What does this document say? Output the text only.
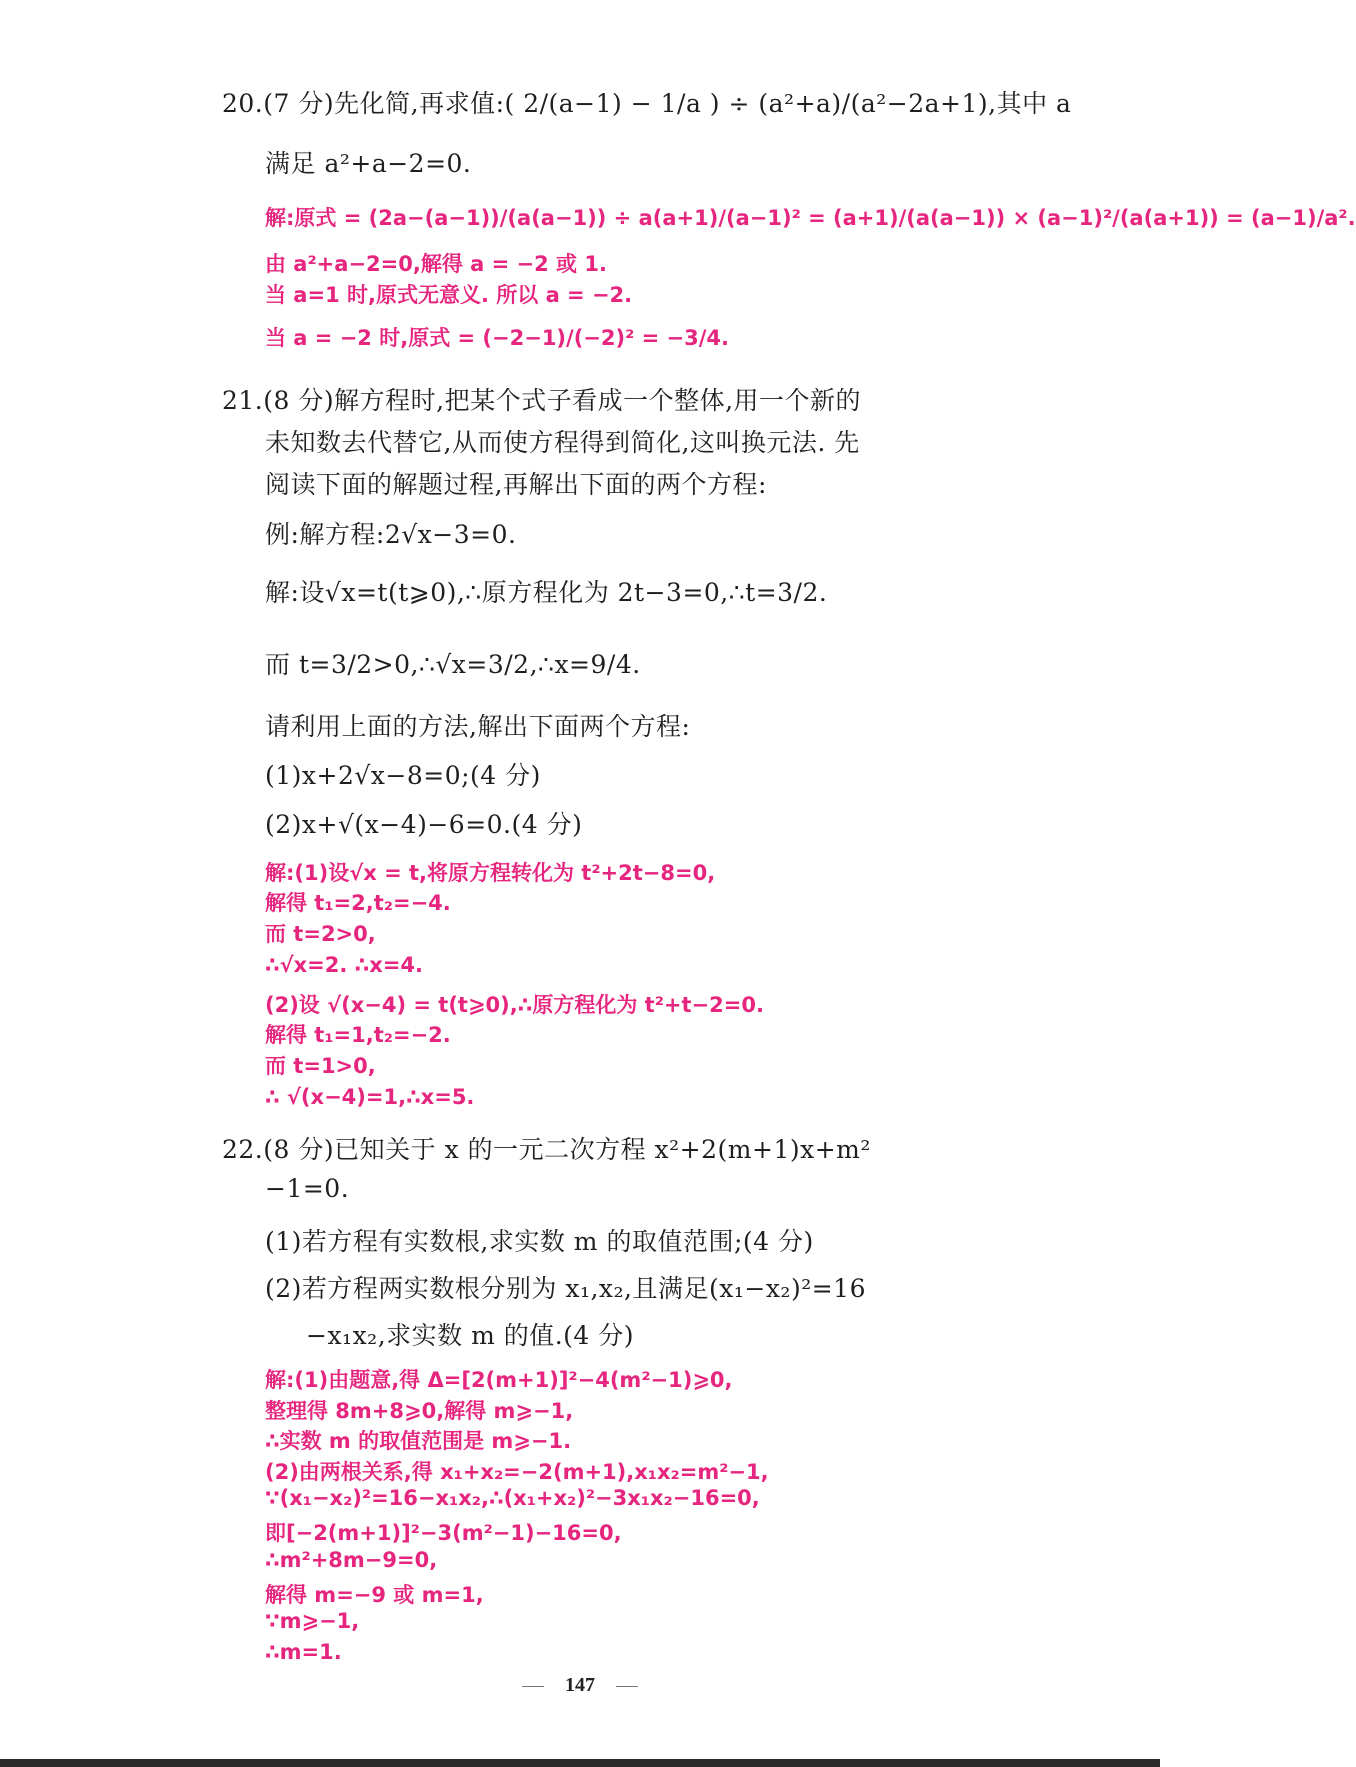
20.(7 分)先化简,再求值:( 2/(a−1) − 1/a ) ÷ (a²+a)/(a²−2a+1),其中 a
满足 a²+a−2=0.
解:原式 = (2a−(a−1))/(a(a−1)) ÷ a(a+1)/(a−1)² = (a+1)/(a(a−1)) × (a−1)²/(a(a+1)) = (a−1)/a².
由 a²+a−2=0,解得 a = −2 或 1.
当 a=1 时,原式无意义. 所以 a = −2.
当 a = −2 时,原式 = (−2−1)/(−2)² = −3/4.
21.(8 分)解方程时,把某个式子看成一个整体,用一个新的
未知数去代替它,从而使方程得到简化,这叫换元法. 先
阅读下面的解题过程,再解出下面的两个方程:
例:解方程:2√x−3=0.
解:设√x=t(t⩾0),∴原方程化为 2t−3=0,∴t=3/2.
而 t=3/2>0,∴√x=3/2,∴x=9/4.
请利用上面的方法,解出下面两个方程:
(1)x+2√x−8=0;(4 分)
(2)x+√(x−4)−6=0.(4 分)
解:(1)设√x = t,将原方程转化为 t²+2t−8=0,
解得 t₁=2,t₂=−4.
而 t=2>0,
∴√x=2. ∴x=4.
(2)设 √(x−4) = t(t⩾0),∴原方程化为 t²+t−2=0.
解得 t₁=1,t₂=−2.
而 t=1>0,
∴ √(x−4)=1,∴x=5.
22.(8 分)已知关于 x 的一元二次方程 x²+2(m+1)x+m²
−1=0.
(1)若方程有实数根,求实数 m 的取值范围;(4 分)
(2)若方程两实数根分别为 x₁,x₂,且满足(x₁−x₂)²=16
−x₁x₂,求实数 m 的值.(4 分)
解:(1)由题意,得 Δ=[2(m+1)]²−4(m²−1)⩾0,
整理得 8m+8⩾0,解得 m⩾−1,
∴实数 m 的取值范围是 m⩾−1.
(2)由两根关系,得 x₁+x₂=−2(m+1),x₁x₂=m²−1,
∵(x₁−x₂)²=16−x₁x₂,∴(x₁+x₂)²−3x₁x₂−16=0,
即[−2(m+1)]²−3(m²−1)−16=0,
∴m²+8m−9=0,
解得 m=−9 或 m=1,
∵m⩾−1,
∴m=1.
147
